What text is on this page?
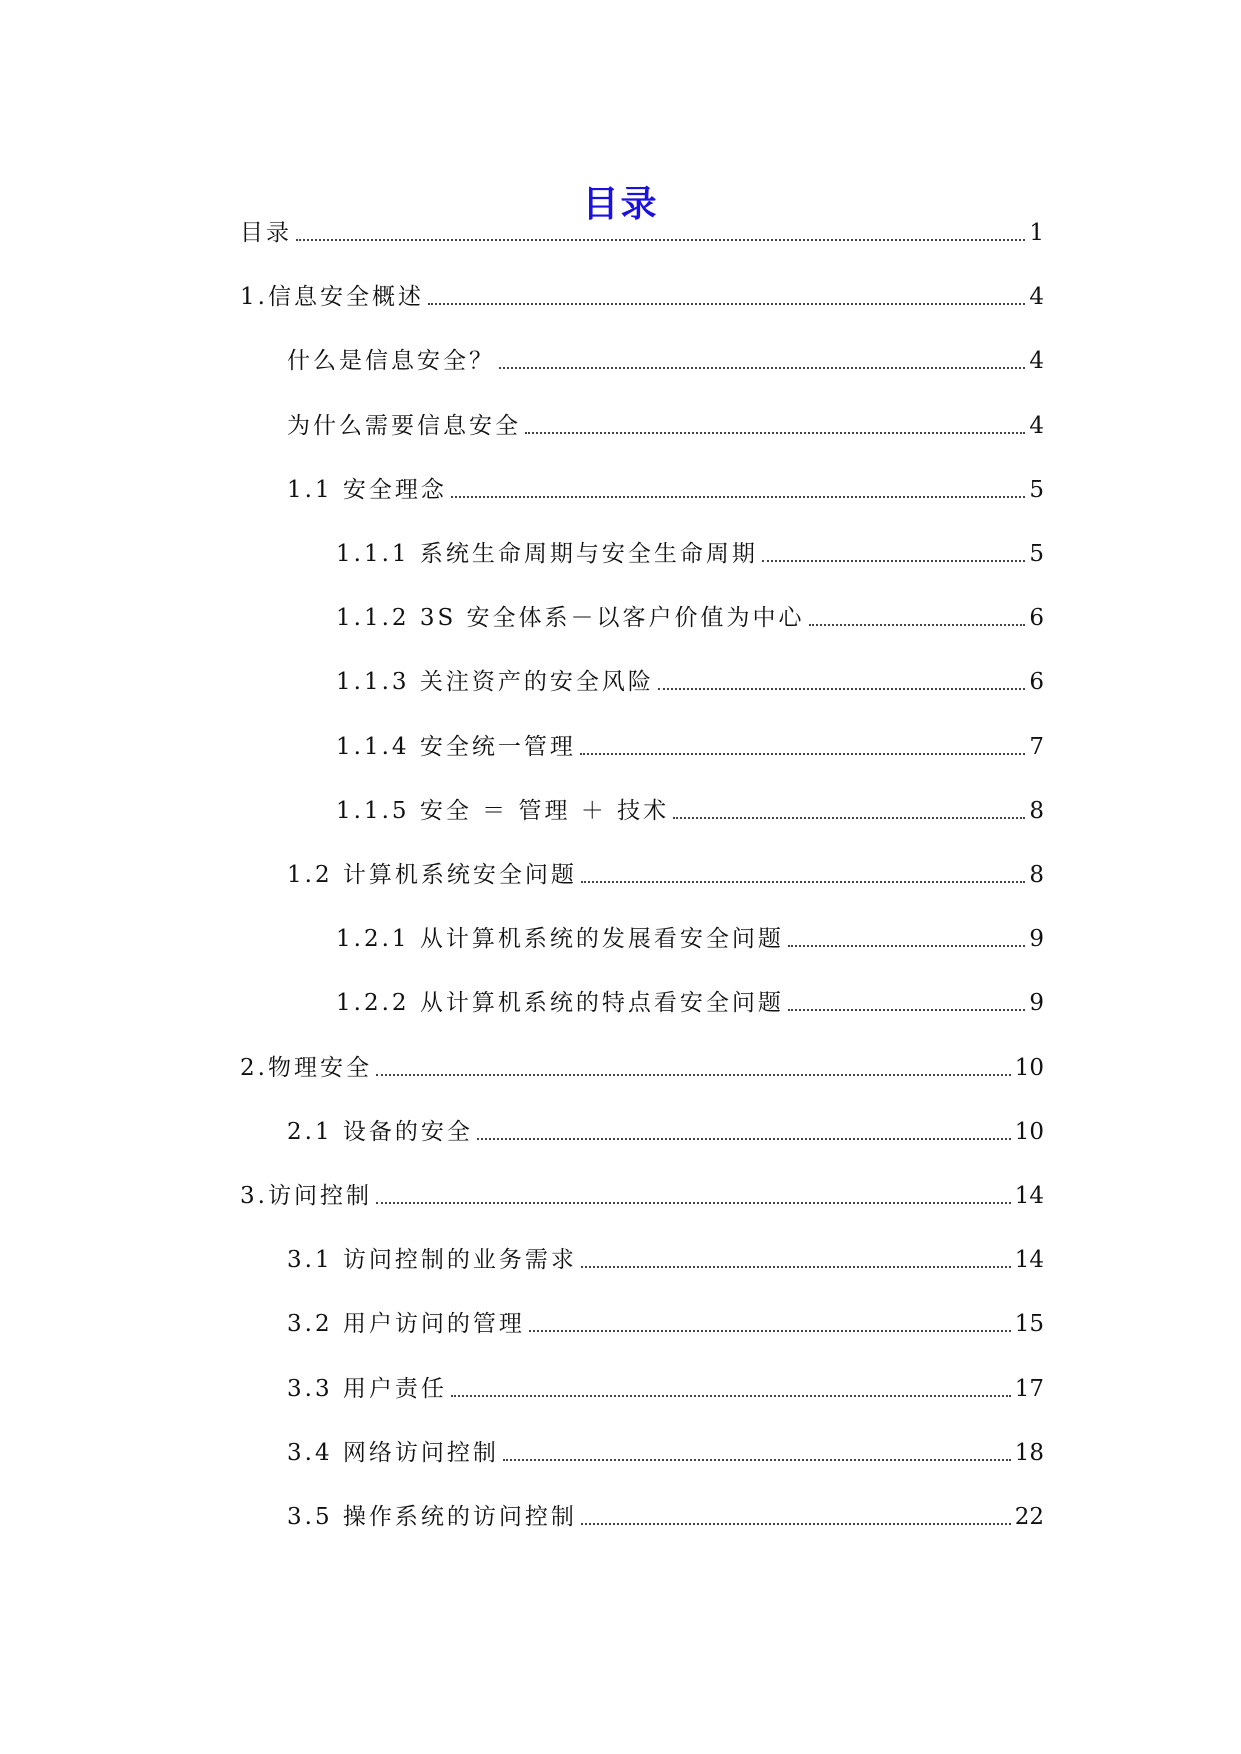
目录
目录	1
1.信息安全概述	4
什么是信息安全？	4
为什么需要信息安全	4
1.1 安全理念	5
1.1.1 系统生命周期与安全生命周期	5
1.1.2 3S 安全体系－以客户价值为中心	6
1.1.3 关注资产的安全风险	6
1.1.4 安全统一管理	7
1.1.5 安全 ＝ 管理 ＋ 技术	8
1.2 计算机系统安全问题	8
1.2.1 从计算机系统的发展看安全问题	9
1.2.2 从计算机系统的特点看安全问题	9
2.物理安全	10
2.1 设备的安全	10
3.访问控制	14
3.1 访问控制的业务需求	14
3.2 用户访问的管理	15
3.3 用户责任	17
3.4 网络访问控制	18
3.5 操作系统的访问控制	22
